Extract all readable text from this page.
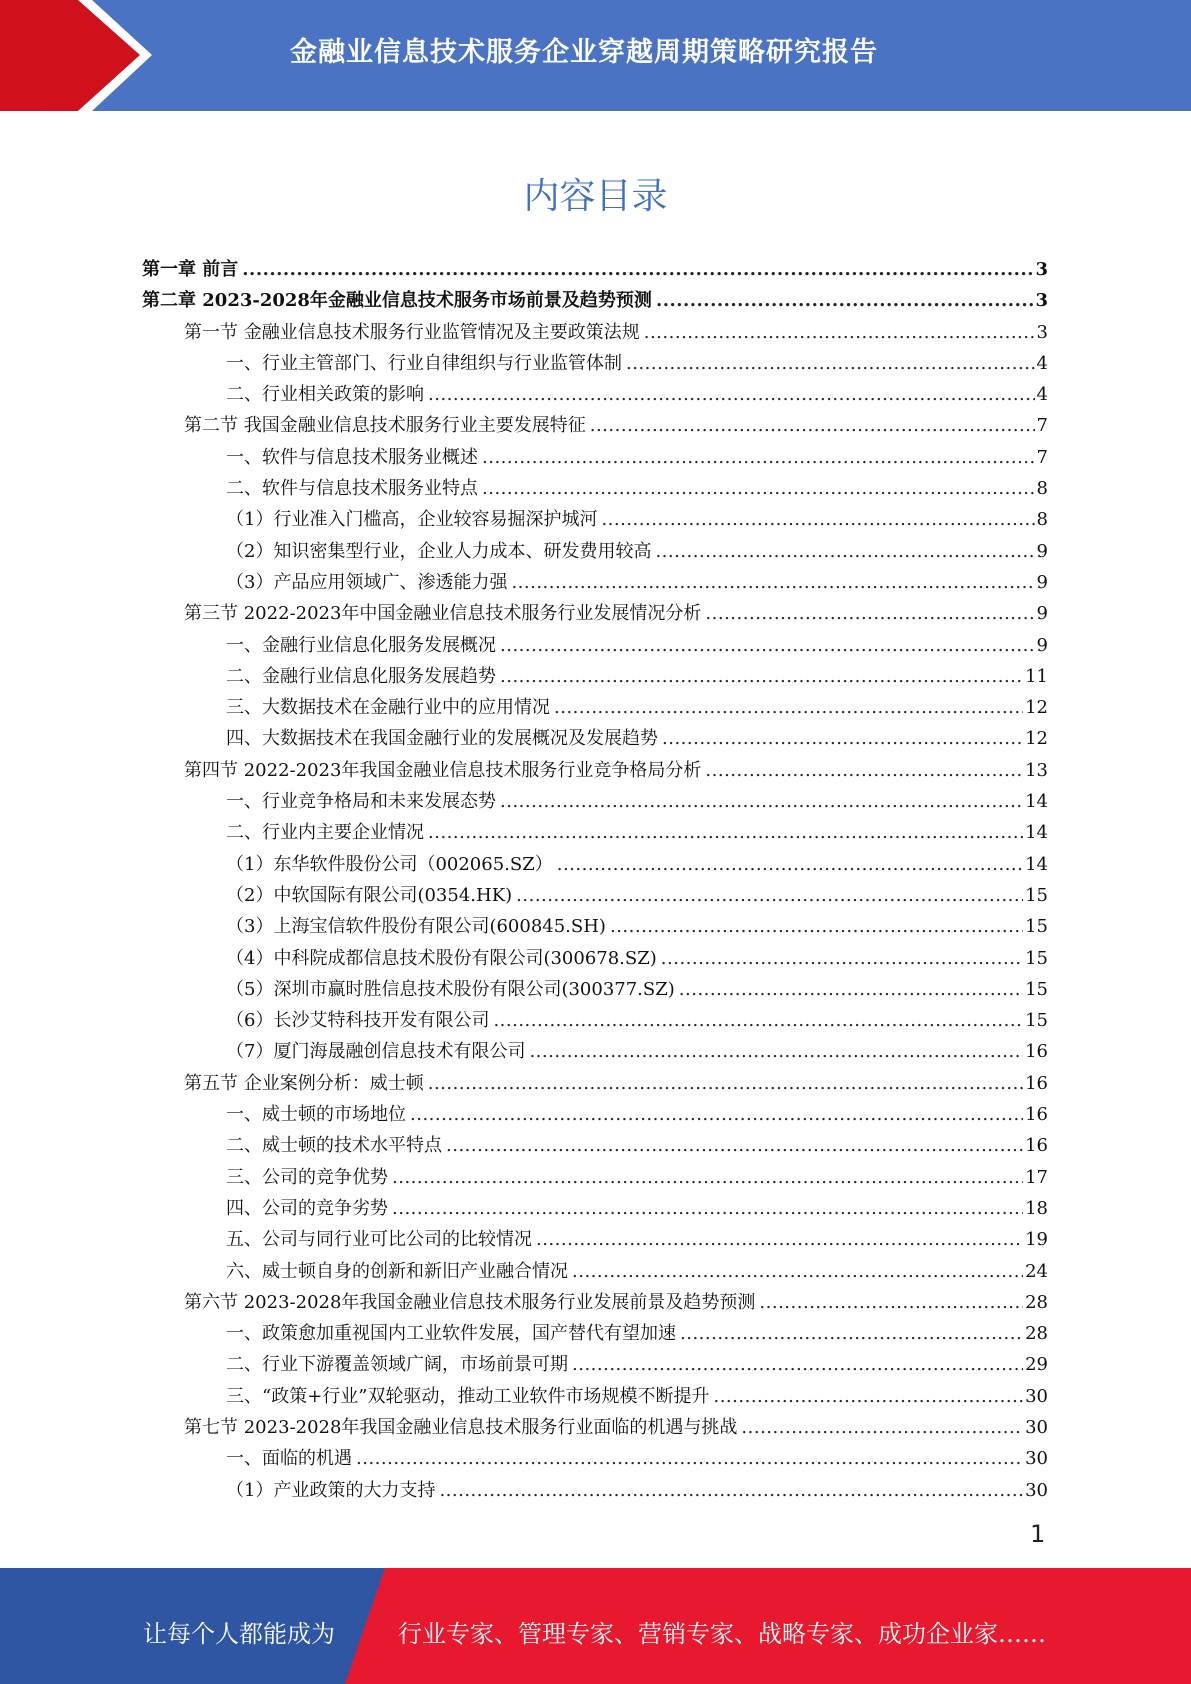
金融业信息技术服务企业穿越周期策略研究报告
内容目录
第一章 前言 .....	3
第二章 2023-2028年金融业信息技术服务市场前景及趋势预测 .....	3
第一节 金融业信息技术服务行业监管情况及主要政策法规 .....	3
一、行业主管部门、行业自律组织与行业监管体制 .....	4
二、行业相关政策的影响 .....	4
第二节 我国金融业信息技术服务行业主要发展特征 .....	7
一、软件与信息技术服务业概述 .....	7
二、软件与信息技术服务业特点 .....	8
（1）行业准入门槛高，企业较容易掘深护城河 .....	8
（2）知识密集型行业，企业人力成本、研发费用较高 .....	9
（3）产品应用领域广、渗透能力强 .....	9
第三节 2022-2023年中国金融业信息技术服务行业发展情况分析 .....	9
一、金融行业信息化服务发展概况 .....	9
二、金融行业信息化服务发展趋势 .....	11
三、大数据技术在金融行业中的应用情况 .....	12
四、大数据技术在我国金融行业的发展概况及发展趋势 .....	12
第四节 2022-2023年我国金融业信息技术服务行业竞争格局分析 .....	13
一、行业竞争格局和未来发展态势 .....	14
二、行业内主要企业情况 .....	14
（1）东华软件股份公司（002065.SZ） .....	14
（2）中软国际有限公司(0354.HK) .....	15
（3）上海宝信软件股份有限公司(600845.SH) .....	15
（4）中科院成都信息技术股份有限公司(300678.SZ) .....	15
（5）深圳市赢时胜信息技术股份有限公司(300377.SZ) .....	15
（6）长沙艾特科技开发有限公司 .....	15
（7）厦门海晟融创信息技术有限公司 .....	16
第五节 企业案例分析：威士顿 .....	16
一、威士顿的市场地位 .....	16
二、威士顿的技术水平特点 .....	16
三、公司的竞争优势 .....	17
四、公司的竞争劣势 .....	18
五、公司与同行业可比公司的比较情况 .....	19
六、威士顿自身的创新和新旧产业融合情况 .....	24
第六节 2023-2028年我国金融业信息技术服务行业发展前景及趋势预测 .....	28
一、政策愈加重视国内工业软件发展，国产替代有望加速 .....	28
二、行业下游覆盖领域广阔，市场前景可期 .....	29
三、“政策+行业”双轮驱动，推动工业软件市场规模不断提升 .....	30
第七节 2023-2028年我国金融业信息技术服务行业面临的机遇与挑战 .....	30
一、面临的机遇 .....	30
（1）产业政策的大力支持 .....	30
1
让每个人都能成为	行业专家、管理专家、营销专家、战略专家、成功企业家……
